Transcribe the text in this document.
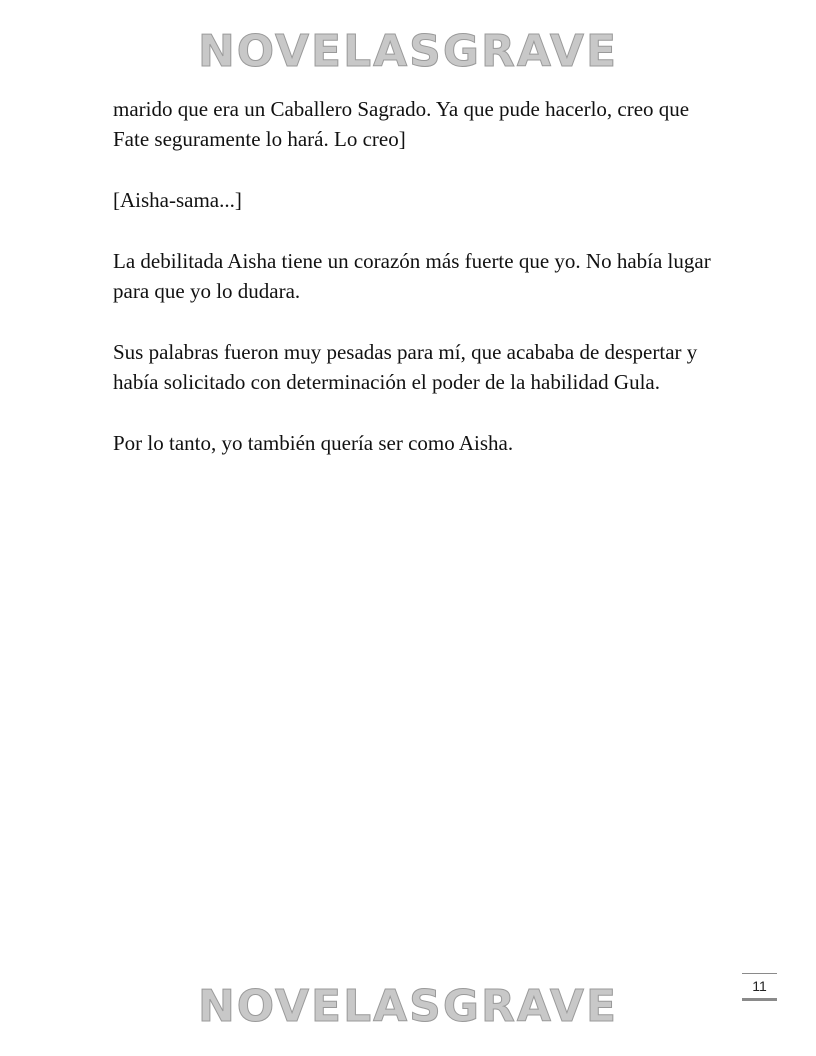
NOVELASGRAVE

marido que era un Caballero Sagrado. Ya que pude hacerlo, creo que Fate seguramente lo hará. Lo creo]

[Aisha-sama...]

La debilitada Aisha tiene un corazón más fuerte que yo. No había lugar para que yo lo dudara.

Sus palabras fueron muy pesadas para mí, que acababa de despertar y había solicitado con determinación el poder de la habilidad Gula.

Por lo tanto, yo también quería ser como Aisha.

11
NOVELASGRAVE
